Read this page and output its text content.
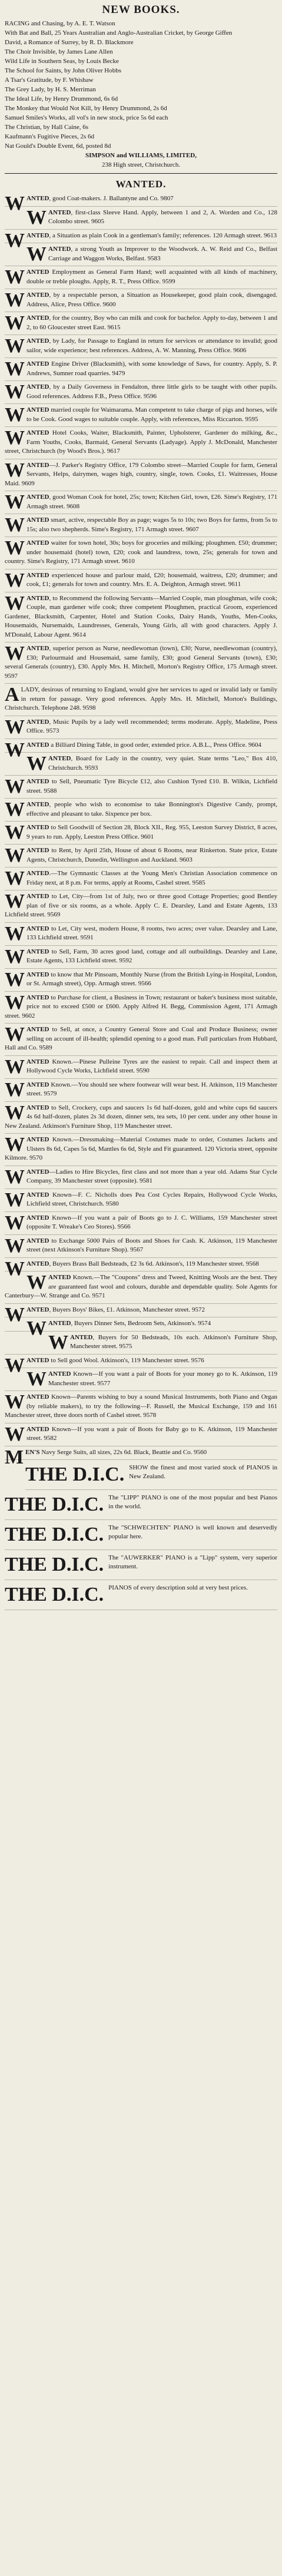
NEW BOOKS.

RACING and Chasing, by A. E. T. Watson

With Bat and Ball, 25 Years Australian and Anglo-Australian Cricket, by George Giffen

David, a Romance of Surrey, by R. D. Blackmore

The Choir Invisible, by James Lane Allen

Wild Life in Southern Seas, by Louis Becke

The School for Saints, by John Oliver Hobbs

A Tsar's Gratitude, by F. Whishaw

The Grey Lady, by H. S. Merriman

The Ideal Life, by Henry Drummond, 6s 6d

The Monkey that Would Not Kill, by Henry Drummond, 2s 6d

Samuel Smiles's Works, all vol's in new stock, price 5s 6d each

The Christian, by Hall Caine, 6s

Kaufmann's Fugitive Pieces, 2s 6d

Nat Gould's Double Event, 6d, posted 8d

SIMPSON and WILLIAMS, LIMITED,

238 High street, Christchurch.

WANTED.

WANTED, good Coat-makers. J. Ballantyne and Co. 9807

WANTED, first-class Sleeve Hand. Apply, between 1 and 2, A. Worden and Co., 128 Colombo street. 9605

WANTED, a Situation as plain Cook in a gentleman's family; references. 120 Armagh street. 9613

WANTED, a strong Youth as Improver to the Woodwork. A. W. Reid and Co., Belfast Carriage and Waggon Works, Belfast. 9583

WANTED Employment as General Farm Hand; well acquainted with all kinds of machinery, double or treble ploughs. Apply, R. T., Press Office. 9599

WANTED, by a respectable person, a Situation as Housekeeper, good plain cook, disengaged. Address, Alice, Press Office. 9600

WANTED, for the country, Boy who can milk and cook for bachelor. Apply to-day, between 1 and 2, to 60 Gloucester street East. 9615

WANTED, by Lady, for Passage to England in return for services or attendance to invalid; good sailor, wide experience; best references. Address, A. W. Manning, Press Office. 9606

WANTED Engine Driver (Blacksmith), with some knowledge of Saws, for country. Apply, S. P. Andrews, Sumner road quarries. 9479

WANTED, by a Daily Governess in Fendalton, three little girls to be taught with other pupils. Good references. Address F.B., Press Office. 9596

WANTED married couple for Waimarama. Man competent to take charge of pigs and horses, wife to be Cook. Good wages to suitable couple. Apply, with references, Miss Riccarton. 9595

WANTED Hotel Cooks, Waiter, Blacksmith, Painter, Upholsterer, Gardener do milking, &c., Farm Youths, Cooks, Barmaid, General Servants (Ladyage). Apply J. McDonald, Manchester street, Christchurch (by Wood's Bros.). 9617

WANTED—J. Parker's Registry Office, 179 Colombo street—Married Couple for farm, General Servants, Helps, dairymen, wages high, country, single, town. Cooks, £1. Waitresses, House Maid. 9609

WANTED, good Woman Cook for hotel, 25s; town; Kitchen Girl, town, £26. Sime's Registry, 171 Armagh street. 9608

WANTED smart, active, respectable Boy as page; wages 5s to 10s; two Boys for farms, from 5s to 15s; also two shepherds. Sime's Registry, 171 Armagh street. 9607

WANTED waiter for town hotel, 30s; boys for groceries and milking; ploughmen. £50; drummer; under housemaid (hotel) town, £20; cook and laundress, town, 25s; generals for town and country. Sime's Registry, 171 Armagh street. 9610

WANTED experienced house and parlour maid, £20; housemaid, waitress, £20; drummer; and cook, £1; generals for town and country. Mrs. E. A. Deighton, Armagh street. 9611

WANTED, to Recommend the following Servants—Married Couple, man ploughman, wife cook; Couple, man gardener wife cook; three competent Ploughmen, practical Groom, experienced Gardener, Blacksmith, Carpenter, Hotel and Station Cooks, Dairy Hands, Youths, Men-Cooks, Housemaids, Nursemaids, Laundresses, Generals, Young Girls, all with good characters. Apply J. M'Donald, Labour Agent. 9614

WANTED, superior person as Nurse, needlewoman (town), £30; Nurse, needlewoman (country), £30; Parlourmaid and Housemaid, same family, £30; good General Servants (town), £30; several Generals (country), £30. Apply Mrs. H. Mitchell, Morton's Registry Office, 175 Armagh street. 9597

A LADY, desirous of returning to England, would give her services to aged or invalid lady or family in return for passage. Very good references. Apply Mrs. H. Mitchell, Morton's Buildings, Christchurch. Telephone 248. 9598

WANTED, Music Pupils by a lady well recommended; terms moderate. Apply, Madeline, Press Office. 9573

WANTED a Billiard Dining Table, in good order, extended price. A.B.L., Press Office. 9604

WANTED, Board for Lady in the country, very quiet. State terms "Leo," Box 410, Christchurch. 9593

WANTED to Sell, Pneumatic Tyre Bicycle £12, also Cushion Tyred £10. B. Wilkin, Lichfield street. 9588

WANTED, people who wish to economise to take Bonnington's Digestive Candy, prompt, effective and pleasant to take. Sixpence per box.

WANTED to Sell Goodwill of Section 28, Block XII., Reg. 955, Leeston Survey District, 8 acres, 9 years to run. Apply, Leeston Press Office. 9601

WANTED to Rent, by April 25th, House of about 6 Rooms, near Rinkerton. State price, Estate Agents, Christchurch, Dunedin, Wellington and Auckland. 9603

WANTED.—The Gymnastic Classes at the Young Men's Christian Association commence on Friday next, at 8 p.m. For terms, apply at Rooms, Cashel street. 9585

WANTED to Let, City—from 1st of July, two or three good Cottage Properties; good Bentley plan of five or six rooms, as a whole. Apply C. E. Dearsley, Land and Estate Agents, 133 Lichfield street. 9569

WANTED to Let, City west, modern House, 8 rooms, two acres; over value. Dearsley and Lane, 133 Lichfield street. 9591

WANTED to Sell, Farm, 30 acres good land, cottage and all outbuildings. Dearsley and Lane, Estate Agents, 133 Lichfield street. 9592

WANTED to know that Mr Pinsoam, Monthly Nurse (from the British Lying-in Hospital, London, or St. Armagh street), Opp. Armagh street. 9566

WANTED to Purchase for client, a Business in Town; restaurant or baker's business most suitable, price not to exceed £500 or £600. Apply Alfred H. Begg, Commission Agent, 171 Armagh street. 9602

WANTED to Sell, at once, a Country General Store and Coal and Produce Business; owner selling on account of ill-health; splendid opening to a good man. Full particulars from Hubbard, Hall and Co. 9589

WANTED Known.—Pinese Pulleine Tyres are the easiest to repair. Call and inspect them at Hollywood Cycle Works, Lichfield street. 9590

WANTED Known.—You should see where footwear will wear best. H. Atkinson, 119 Manchester street. 9579

WANTED to Sell, Crockery, cups and saucers 1s 6d half-dozen, gold and white cups 6d saucers 4s 6d half-dozen, plates 2s 3d dozen, dinner sets, tea sets, 10 per cent. under any other house in New Zealand. Atkinson's Furniture Shop, 119 Manchester street.

WANTED Known.—Dressmaking—Material Costumes made to order, Costumes Jackets and Ulsters 8s 6d, Capes 5s 6d, Mantles 6s 6d, Style and Fit guaranteed. 120 Victoria street, opposite Kilmore. 9570

WANTED—Ladies to Hire Bicycles, first class and not more than a year old. Adams Star Cycle Company, 39 Manchester street (opposite). 9581

WANTED Known—F. C. Nicholls does Pea Cost Cycles Repairs, Hollywood Cycle Works, Lichfield street, Christchurch. 9580

WANTED Known—If you want a pair of Boots go to J. C. Williams, 159 Manchester street (opposite T. Wreake's Ceo Stores). 9566

WANTED to Exchange 5000 Pairs of Boots and Shoes for Cash. K. Atkinson, 119 Manchester street (next Atkinson's Furniture Shop). 9567

WANTED, Buyers Brass Ball Bedsteads, £2 3s 6d. Atkinson's, 119 Manchester street. 9568

WANTED Known.—The "Coupons" dress and Tweed, Knitting Wools are the best. They are guaranteed fast wool and colours, durable and dependable quality. Sole Agents for Canterbury—W. Strange and Co. 9571

WANTED, Buyers Boys' Bikes, £1. Atkinson, Manchester street. 9572

WANTED, Buyers Dinner Sets, Bedroom Sets, Atkinson's. 9574

WANTED, Buyers for 50 Bedsteads, 10s each. Atkinson's Furniture Shop, Manchester street. 9575

WANTED to Sell good Wool. Atkinson's, 119 Manchester street. 9576

WANTED Known—If you want a pair of Boots for your money go to K. Atkinson, 119 Manchester street. 9577

WANTED Known—Parents wishing to buy a sound Musical Instruments, both Piano and Organ (by reliable makers), to try the following—F. Russell, the Musical Exchange, 159 and 161 Manchester street, three doors north of Cashel street. 9578

WANTED Known—If you want a pair of Boots for Baby go to K. Atkinson, 119 Manchester street. 9582

MEN'S Navy Serge Suits, all sizes, 22s 6d. Black, Beattie and Co. 9560

THE D.I.C. SHOW the finest and most varied stock of PIANOS in New Zealand.
THE D.I.C. The "LIPP" PIANO is one of the most popular and best Pianos in the world.
THE D.I.C. The "SCHWECHTEN" PIANO is well known and deservedly popular here.
THE D.I.C. The "AUWERKER" PIANO is a "Lipp" system, very superior instrument.
THE D.I.C. PIANOS of every description sold at very best prices.
